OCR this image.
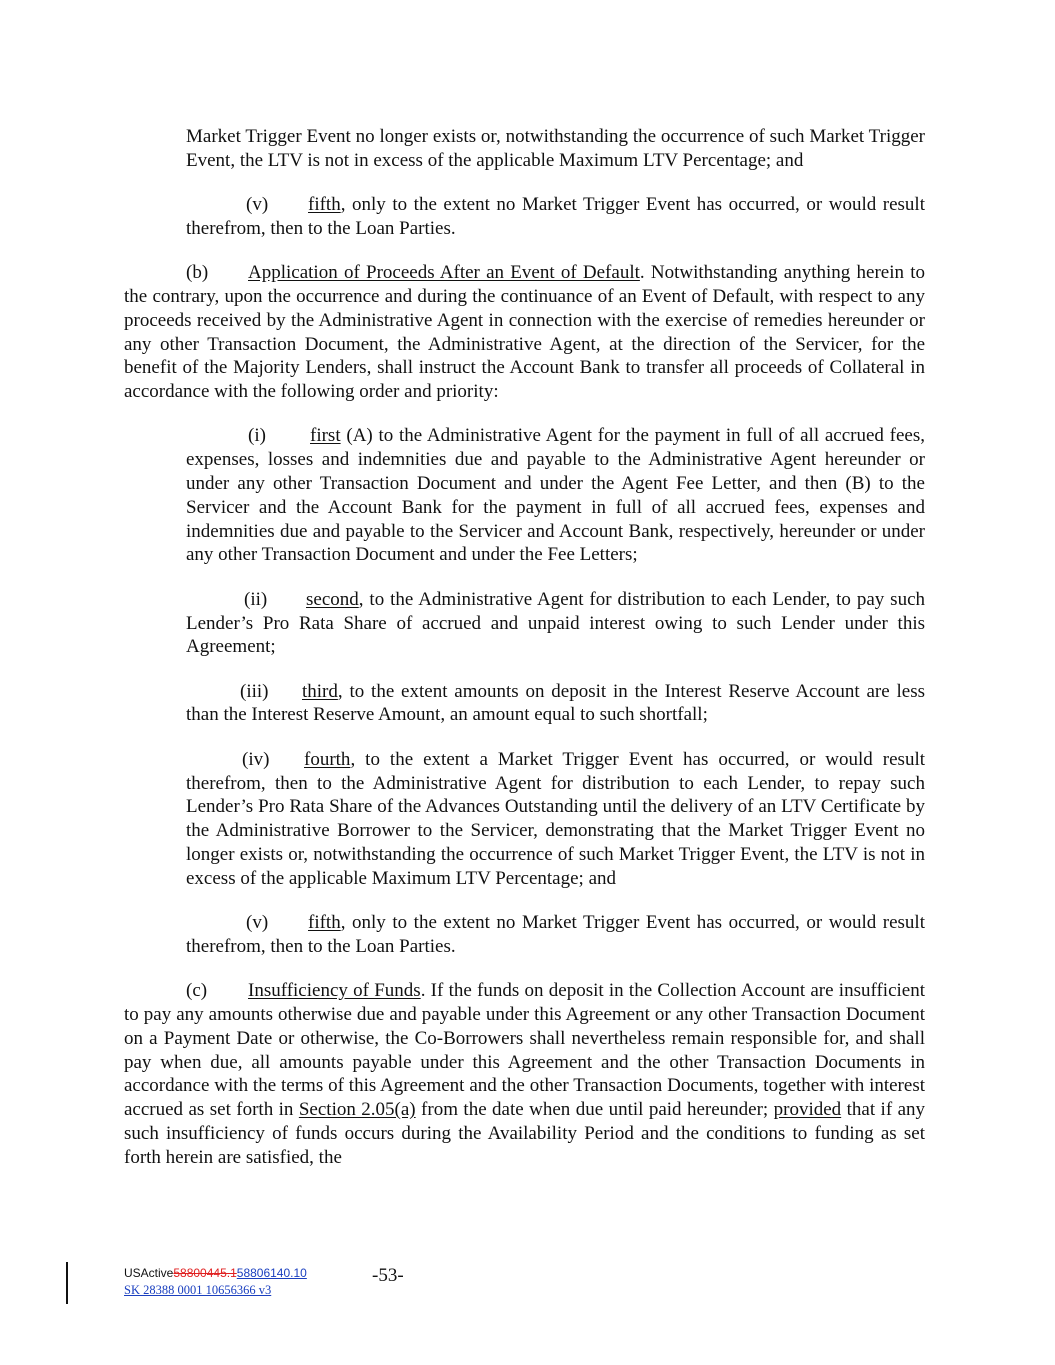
Market Trigger Event no longer exists or, notwithstanding the occurrence of such Market Trigger Event, the LTV is not in excess of the applicable Maximum LTV Percentage; and

(v) fifth, only to the extent no Market Trigger Event has occurred, or would result therefrom, then to the Loan Parties.

(b) Application of Proceeds After an Event of Default. Notwithstanding anything herein to the contrary, upon the occurrence and during the continuance of an Event of Default, with respect to any proceeds received by the Administrative Agent in connection with the exercise of remedies hereunder or any other Transaction Document, the Administrative Agent, at the direction of the Servicer, for the benefit of the Majority Lenders, shall instruct the Account Bank to transfer all proceeds of Collateral in accordance with the following order and priority:

(i) first (A) to the Administrative Agent for the payment in full of all accrued fees, expenses, losses and indemnities due and payable to the Administrative Agent hereunder or under any other Transaction Document and under the Agent Fee Letter, and then (B) to the Servicer and the Account Bank for the payment in full of all accrued fees, expenses and indemnities due and payable to the Servicer and Account Bank, respectively, hereunder or under any other Transaction Document and under the Fee Letters;

(ii) second, to the Administrative Agent for distribution to each Lender, to pay such Lender’s Pro Rata Share of accrued and unpaid interest owing to such Lender under this Agreement;

(iii) third, to the extent amounts on deposit in the Interest Reserve Account are less than the Interest Reserve Amount, an amount equal to such shortfall;

(iv) fourth, to the extent a Market Trigger Event has occurred, or would result therefrom, then to the Administrative Agent for distribution to each Lender, to repay such Lender’s Pro Rata Share of the Advances Outstanding until the delivery of an LTV Certificate by the Administrative Borrower to the Servicer, demonstrating that the Market Trigger Event no longer exists or, notwithstanding the occurrence of such Market Trigger Event, the LTV is not in excess of the applicable Maximum LTV Percentage; and

(v) fifth, only to the extent no Market Trigger Event has occurred, or would result therefrom, then to the Loan Parties.

(c) Insufficiency of Funds. If the funds on deposit in the Collection Account are insufficient to pay any amounts otherwise due and payable under this Agreement or any other Transaction Document on a Payment Date or otherwise, the Co-Borrowers shall nevertheless remain responsible for, and shall pay when due, all amounts payable under this Agreement and the other Transaction Documents in accordance with the terms of this Agreement and the other Transaction Documents, together with interest accrued as set forth in Section 2.05(a) from the date when due until paid hereunder; provided that if any such insufficiency of funds occurs during the Availability Period and the conditions to funding as set forth herein are satisfied, the

USActive 58800445.1 58806140.10
SK 28388 0001 10656366 v3
-53-
